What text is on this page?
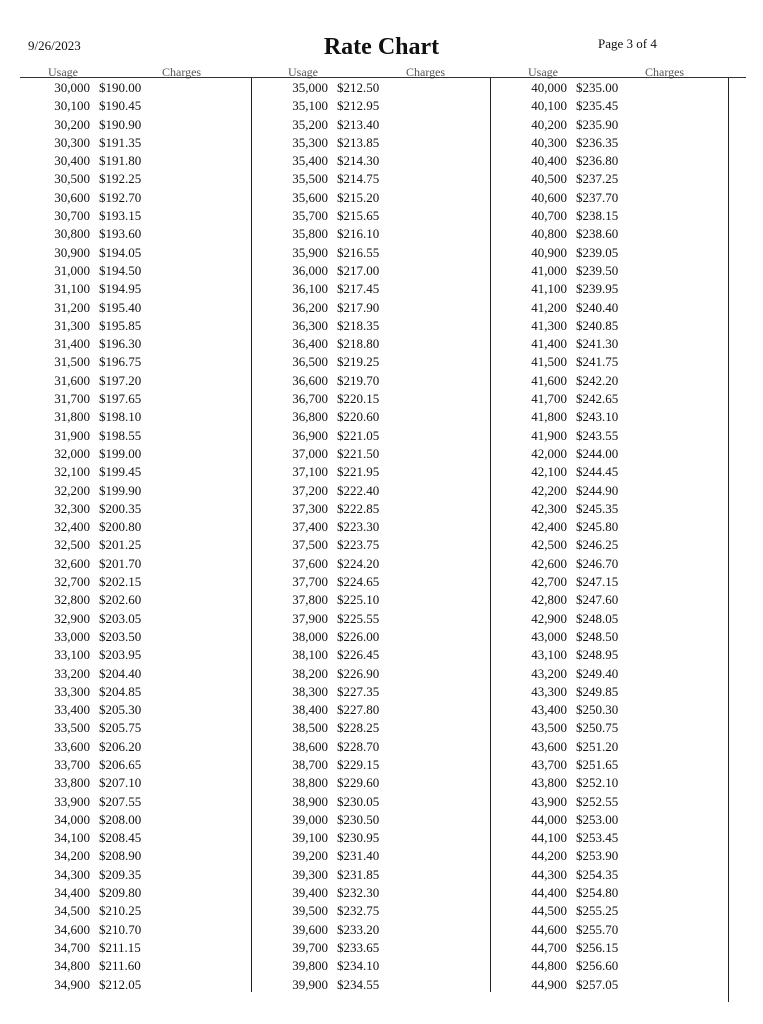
9/26/2023	Rate Chart	Page 3 of 4
Usage	Charges	Usage	Charges	Usage	Charges
30,000 $190.00
30,100 $190.45
30,200 $190.90
30,300 $191.35
30,400 $191.80
30,500 $192.25
30,600 $192.70
30,700 $193.15
30,800 $193.60
30,900 $194.05
31,000 $194.50
31,100 $194.95
31,200 $195.40
31,300 $195.85
31,400 $196.30
31,500 $196.75
31,600 $197.20
31,700 $197.65
31,800 $198.10
31,900 $198.55
32,000 $199.00
32,100 $199.45
32,200 $199.90
32,300 $200.35
32,400 $200.80
32,500 $201.25
32,600 $201.70
32,700 $202.15
32,800 $202.60
32,900 $203.05
33,000 $203.50
33,100 $203.95
33,200 $204.40
33,300 $204.85
33,400 $205.30
33,500 $205.75
33,600 $206.20
33,700 $206.65
33,800 $207.10
33,900 $207.55
34,000 $208.00
34,100 $208.45
34,200 $208.90
34,300 $209.35
34,400 $209.80
34,500 $210.25
34,600 $210.70
34,700 $211.15
34,800 $211.60
34,900 $212.05
35,000 $212.50
35,100 $212.95
35,200 $213.40
35,300 $213.85
35,400 $214.30
35,500 $214.75
35,600 $215.20
35,700 $215.65
35,800 $216.10
35,900 $216.55
36,000 $217.00
36,100 $217.45
36,200 $217.90
36,300 $218.35
36,400 $218.80
36,500 $219.25
36,600 $219.70
36,700 $220.15
36,800 $220.60
36,900 $221.05
37,000 $221.50
37,100 $221.95
37,200 $222.40
37,300 $222.85
37,400 $223.30
37,500 $223.75
37,600 $224.20
37,700 $224.65
37,800 $225.10
37,900 $225.55
38,000 $226.00
38,100 $226.45
38,200 $226.90
38,300 $227.35
38,400 $227.80
38,500 $228.25
38,600 $228.70
38,700 $229.15
38,800 $229.60
38,900 $230.05
39,000 $230.50
39,100 $230.95
39,200 $231.40
39,300 $231.85
39,400 $232.30
39,500 $232.75
39,600 $233.20
39,700 $233.65
39,800 $234.10
39,900 $234.55
40,000 $235.00
40,100 $235.45
40,200 $235.90
40,300 $236.35
40,400 $236.80
40,500 $237.25
40,600 $237.70
40,700 $238.15
40,800 $238.60
40,900 $239.05
41,000 $239.50
41,100 $239.95
41,200 $240.40
41,300 $240.85
41,400 $241.30
41,500 $241.75
41,600 $242.20
41,700 $242.65
41,800 $243.10
41,900 $243.55
42,000 $244.00
42,100 $244.45
42,200 $244.90
42,300 $245.35
42,400 $245.80
42,500 $246.25
42,600 $246.70
42,700 $247.15
42,800 $247.60
42,900 $248.05
43,000 $248.50
43,100 $248.95
43,200 $249.40
43,300 $249.85
43,400 $250.30
43,500 $250.75
43,600 $251.20
43,700 $251.65
43,800 $252.10
43,900 $252.55
44,000 $253.00
44,100 $253.45
44,200 $253.90
44,300 $254.35
44,400 $254.80
44,500 $255.25
44,600 $255.70
44,700 $256.15
44,800 $256.60
44,900 $257.05
